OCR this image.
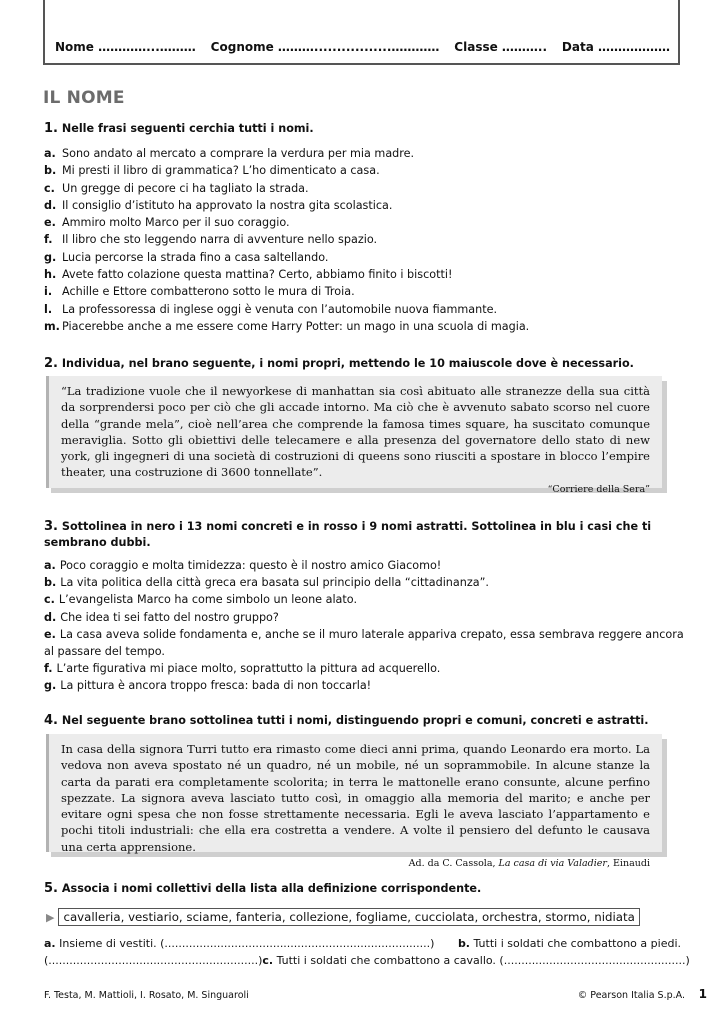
Nome …………...……… Cognome ……….................………… Classe ……….. Data ………………
IL NOME

1. Nelle frasi seguenti cerchia tutti i nomi.

a. Sono andato al mercato a comprare la verdura per mia madre.
b. Mi presti il libro di grammatica? L’ho dimenticato a casa.
c. Un gregge di pecore ci ha tagliato la strada.
d. Il consiglio d’istituto ha approvato la nostra gita scolastica.
e. Ammiro molto Marco per il suo coraggio.
f. Il libro che sto leggendo narra di avventure nello spazio.
g. Lucia percorse la strada fino a casa saltellando.
h. Avete fatto colazione questa mattina? Certo, abbiamo finito i biscotti!
i. Achille e Ettore combatterono sotto le mura di Troia.
l. La professoressa di inglese oggi è venuta con l’automobile nuova fiammante.
m. Piacerebbe anche a me essere come Harry Potter: un mago in una scuola di magia.

2. Individua, nel brano seguente, i nomi propri, mettendo le 10 maiuscole dove è necessario.

“La tradizione vuole che il newyorkese di manhattan sia così abituato alle stranezze della sua città da sorprendersi poco per ciò che gli accade intorno. Ma ciò che è avvenuto sabato scorso nel cuore della “grande mela”, cioè nell’area che comprende la famosa times square, ha suscitato comunque meraviglia. Sotto gli obiettivi delle telecamere e alla presenza del governatore dello stato di new york, gli ingegneri di una società di costruzioni di queens sono riusciti a spostare in blocco l’empire theater, una costruzione di 3600 tonnellate”.

“Corriere della Sera”

3. Sottolinea in nero i 13 nomi concreti e in rosso i 9 nomi astratti. Sottolinea in blu i casi che ti sembrano dubbi.

a. Poco coraggio e molta timidezza: questo è il nostro amico Giacomo!
b. La vita politica della città greca era basata sul principio della “cittadinanza”.
c. L’evangelista Marco ha come simbolo un leone alato.
d. Che idea ti sei fatto del nostro gruppo?
e. La casa aveva solide fondamenta e, anche se il muro laterale appariva crepato, essa sembrava reggere ancora al passare del tempo.
f. L’arte figurativa mi piace molto, soprattutto la pittura ad acquerello.
g. La pittura è ancora troppo fresca: bada di non toccarla!

4. Nel seguente brano sottolinea tutti i nomi, distinguendo propri e comuni, concreti e astratti.

In casa della signora Turri tutto era rimasto come dieci anni prima, quando Leonardo era morto. La vedova non aveva spostato né un quadro, né un mobile, né un soprammobile. In alcune stanze la carta da parati era completamente scolorita; in terra le mattonelle erano consunte, alcune perfino spezzate. La signora aveva lasciato tutto così, in omaggio alla memoria del marito; e anche per evitare ogni spesa che non fosse strettamente necessaria. Egli le aveva lasciato l’appartamento e pochi titoli industriali: che ella era costretta a vendere. A volte il pensiero del defunto le causava una certa apprensione.

Ad. da C. Cassola, La casa di via Valadier, Einaudi

5. Associa i nomi collettivi della lista alla definizione corrispondente.

▶ cavalleria, vestiario, sciame, fanteria, collezione, fogliame, cucciolata, orchestra, stormo, nidiata
a. Insieme di vestiti. (............................................................................) b. Tutti i soldati che combattono a piedi.
(............................................................) c. Tutti i soldati che combattono a cavallo. (....................................................)
F. Testa, M. Mattioli, I. Rosato, M. Singuaroli	© Pearson Italia S.p.A. 1
